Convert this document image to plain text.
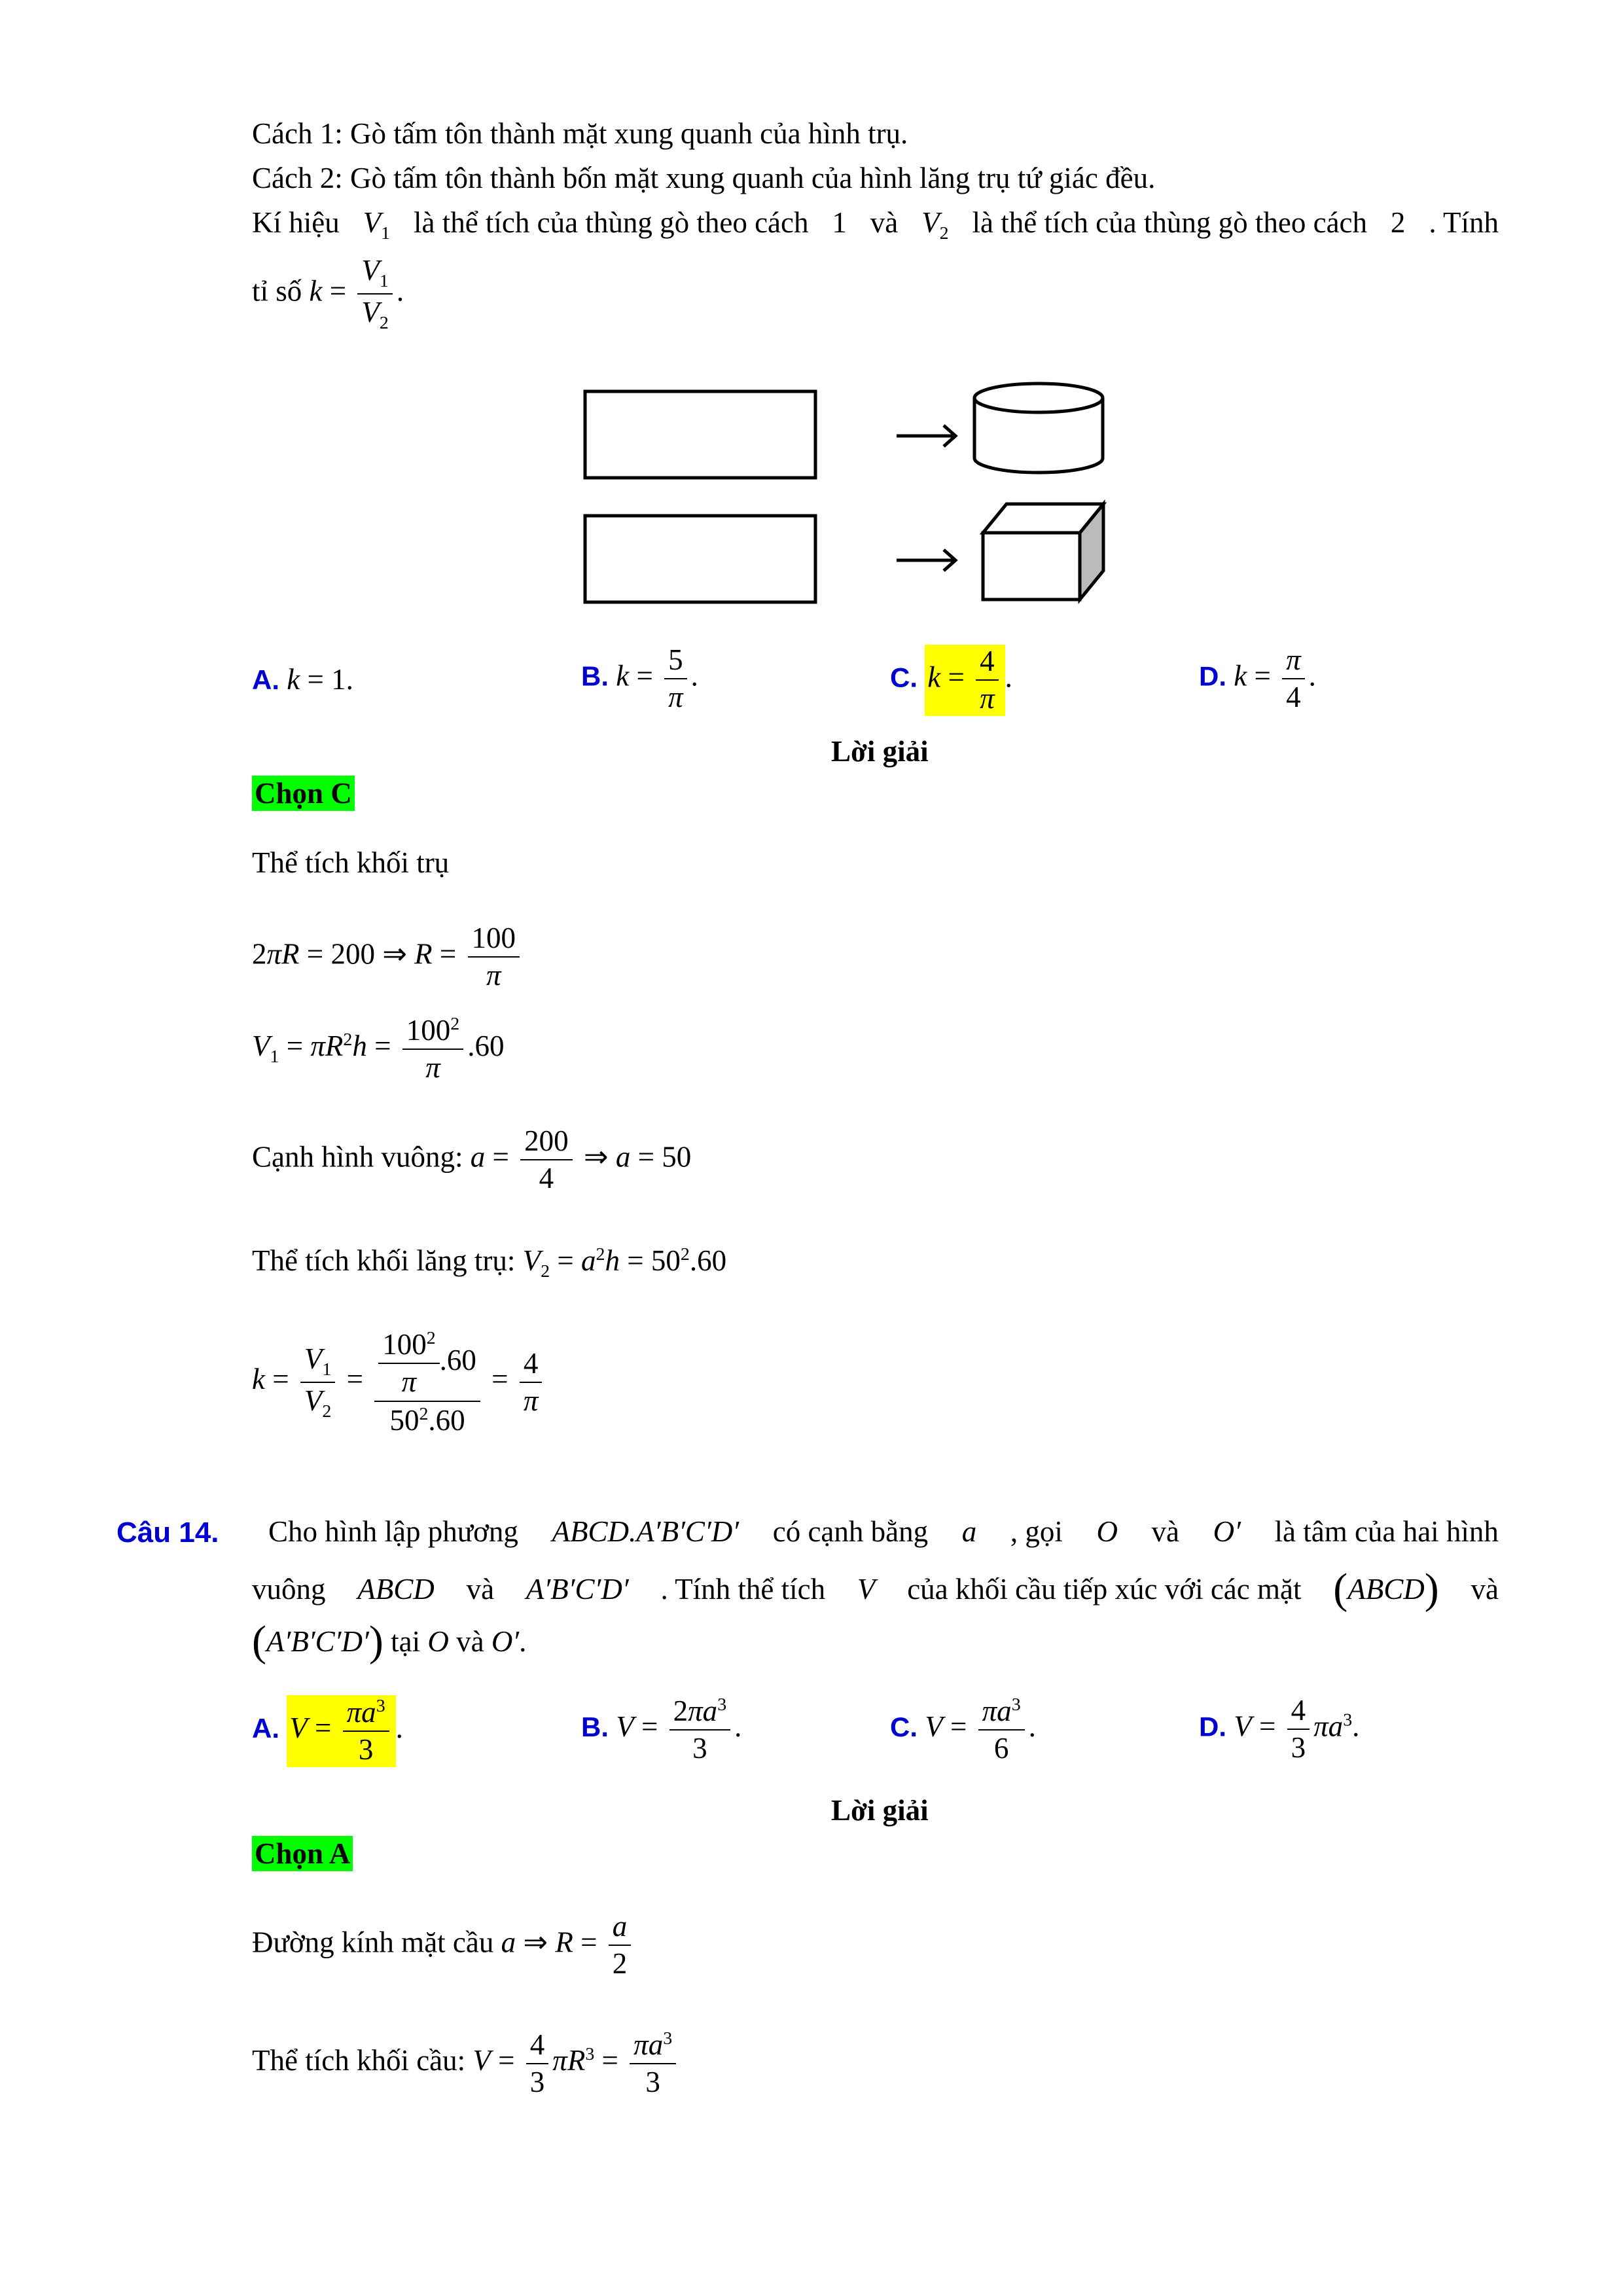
Cách 1: Gò tấm tôn thành mặt xung quanh của hình trụ.
Cách 2: Gò tấm tôn thành bốn mặt xung quanh của hình lăng trụ tứ giác đều.
Kí hiệu $V_1$ là thể tích của thùng gò theo cách 1 và $V_2$ là thể tích của thùng gò theo cách 2 . Tính
tỉ số $k = \frac{V_1}{V_2}$ .
A. k = 1.	B. $k = \frac{5}{\pi}$ .	C. $k = \frac{4}{\pi}$ .	D. $k = \frac{\pi}{4}$ .
Lời giải
Chọn C
Thể tích khối trụ
2πR = 200 ⇒ $R = \frac{100}{\pi}$
$V_1 = \pi R^2h = \frac{100^2}{\pi} .60$
Cạnh hình vuông: $a = \frac{200}{4}$ ⇒ a = 50
Thể tích khối lăng trụ: $V_2 = a^2h = 50^2.60$
$k = \frac{V_1}{V_2} = \frac{\frac{100^2}{\pi} .60}{50^2.60} = \frac{4}{\pi}$
Câu 14. Cho hình lập phương ABCD.A′B′C′D′ có cạnh bằng a , gọi O và O′ là tâm của hai hình
vuông ABCD và A′B′C′D′ . Tính thể tích V của khối cầu tiếp xúc với các mặt (ABCD) và
(A′B′C′D′) tại O và O′.
A. $V = \frac{\pi a^3}{3}$ .	B. $V = \frac{2\pi a^3}{3}$ .	C. $V = \frac{\pi a^3}{6}$ .	D. $V = \frac{4}{3} \pi a^3$.
Lời giải
Chọn A
Đường kính mặt cầu a ⇒ $R = \frac{a}{2}$
Thể tích khối cầu: $V = \frac{4}{3} \pi R^3 = \frac{\pi a^3}{3}$
